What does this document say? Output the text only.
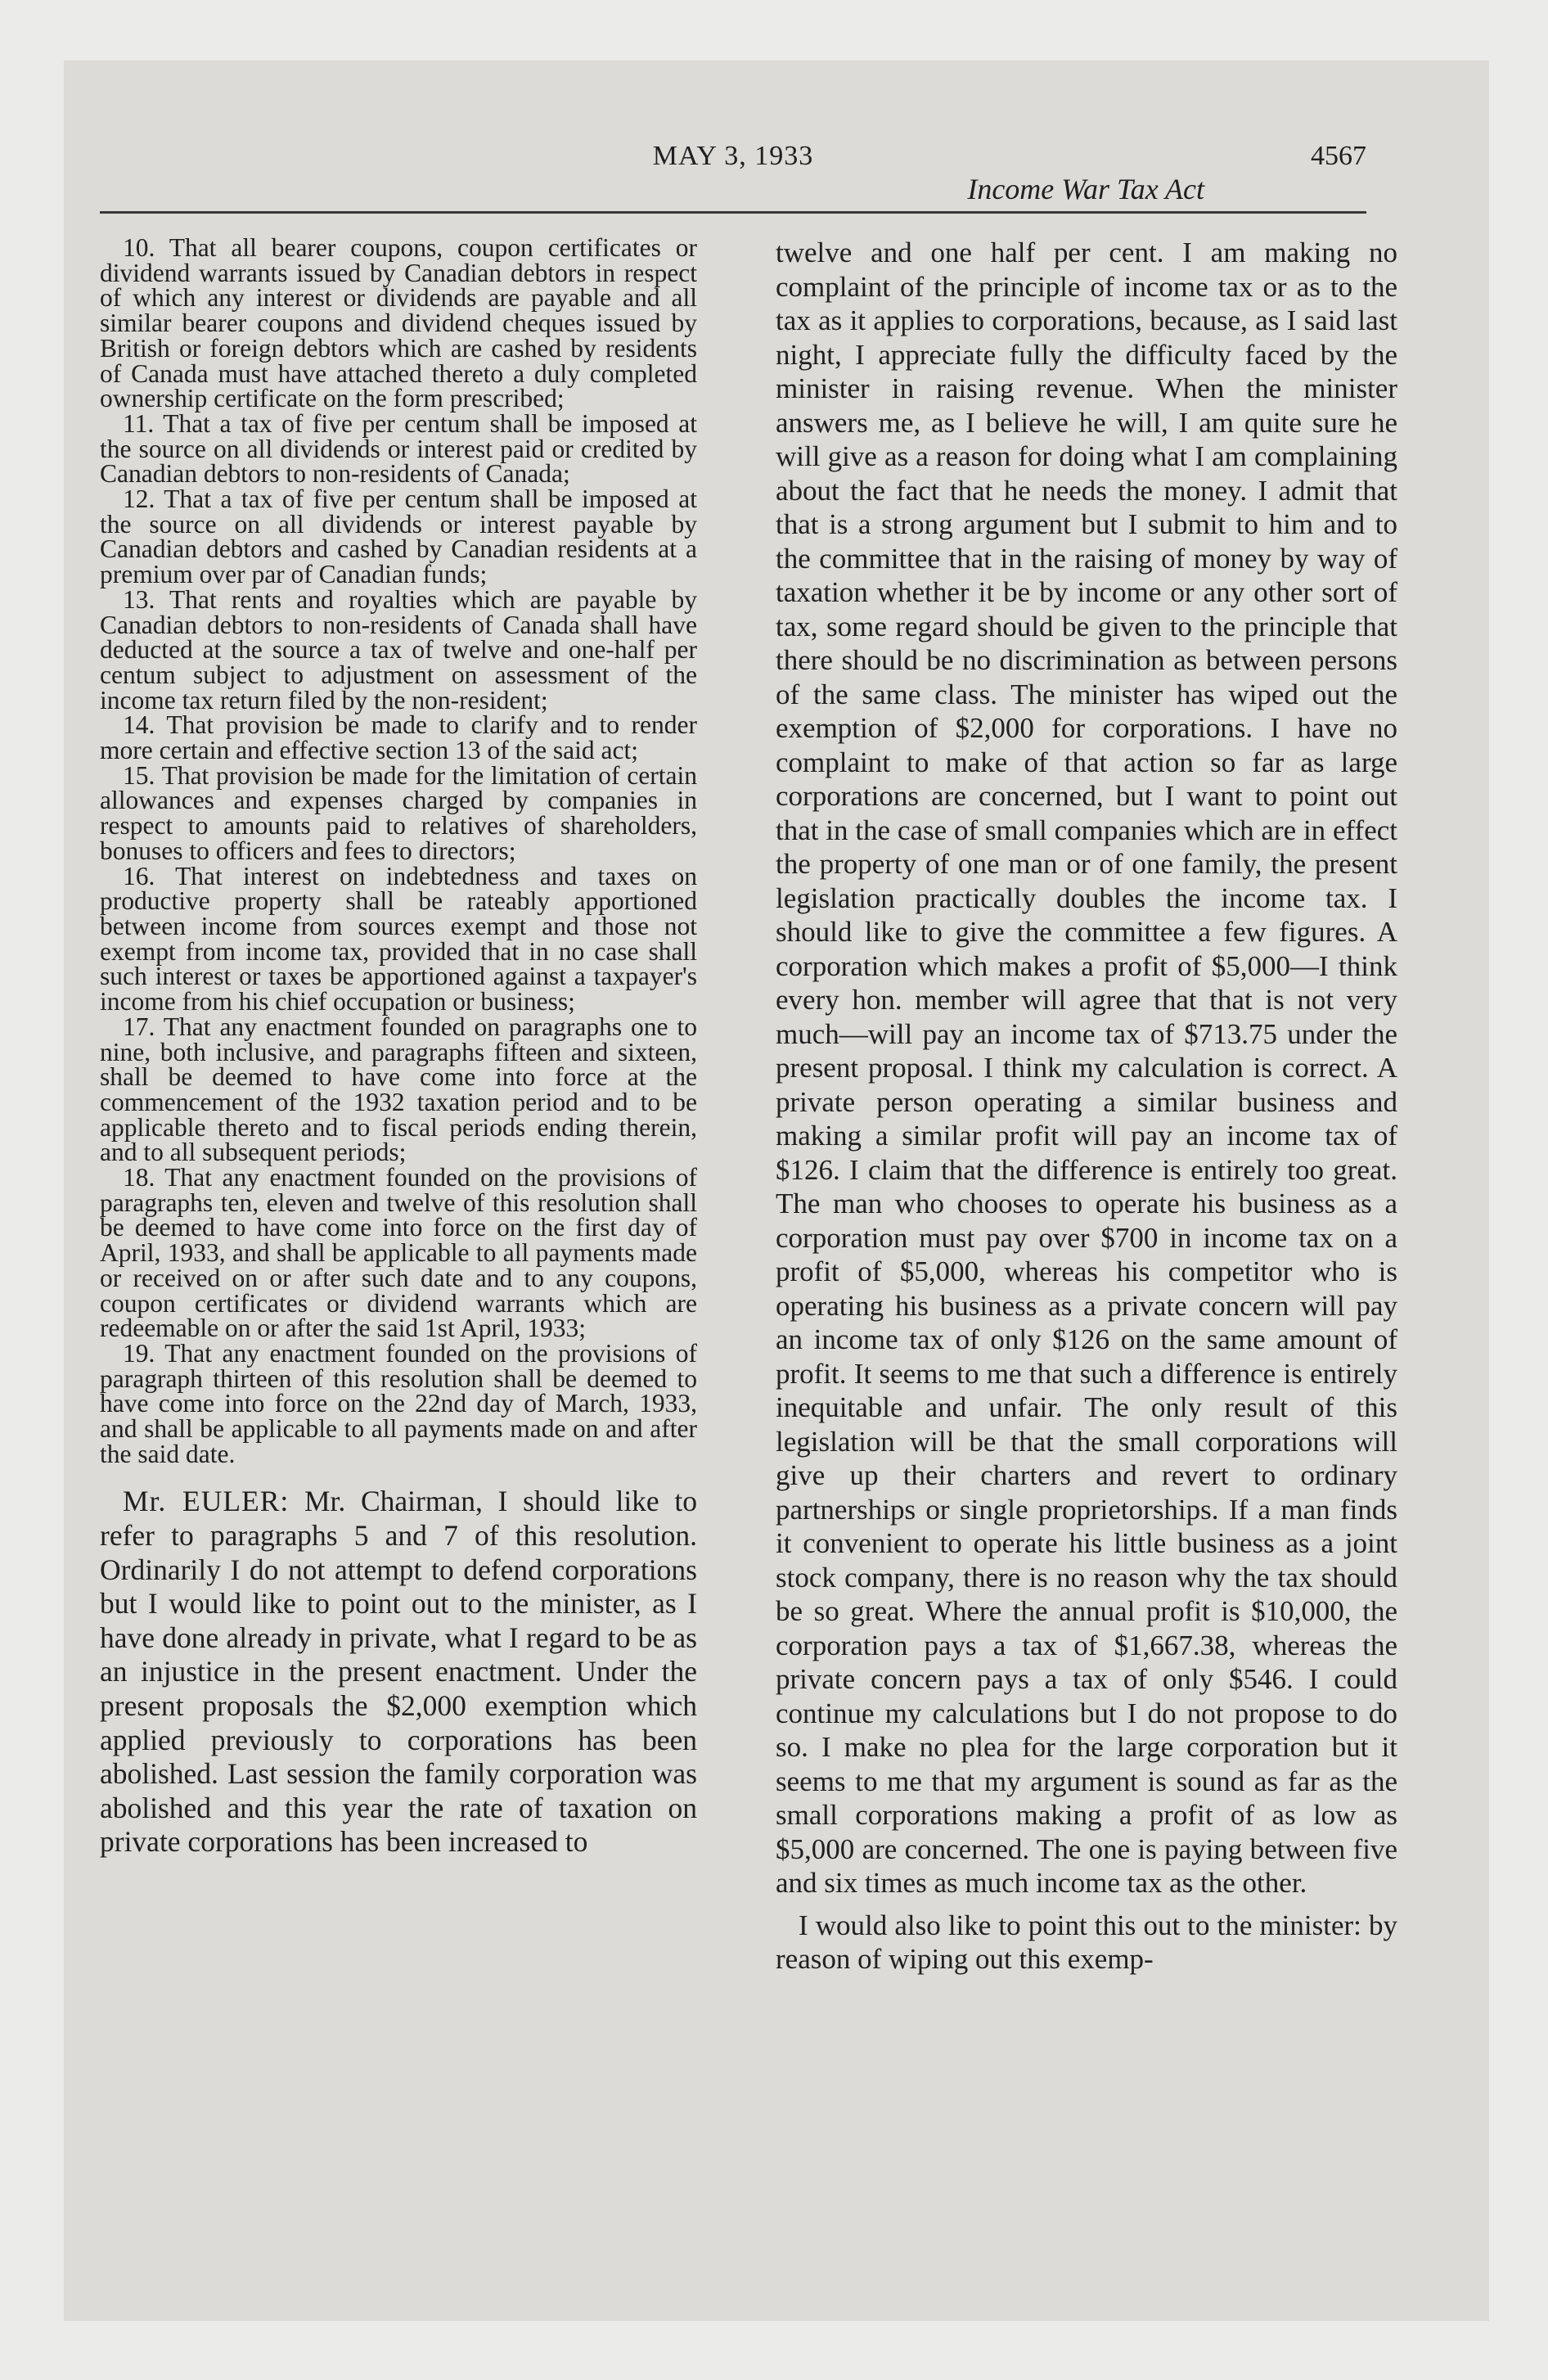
MAY 3, 1933	4567
Income War Tax Act

10. That all bearer coupons, coupon certificates or dividend warrants issued by Canadian debtors in respect of which any interest or dividends are payable and all similar bearer coupons and dividend cheques issued by British or foreign debtors which are cashed by residents of Canada must have attached thereto a duly completed ownership certificate on the form prescribed;

11. That a tax of five per centum shall be imposed at the source on all dividends or interest paid or credited by Canadian debtors to non-residents of Canada;

12. That a tax of five per centum shall be imposed at the source on all dividends or interest payable by Canadian debtors and cashed by Canadian residents at a premium over par of Canadian funds;

13. That rents and royalties which are payable by Canadian debtors to non-residents of Canada shall have deducted at the source a tax of twelve and one-half per centum subject to adjustment on assessment of the income tax return filed by the non-resident;

14. That provision be made to clarify and to render more certain and effective section 13 of the said act;

15. That provision be made for the limitation of certain allowances and expenses charged by companies in respect to amounts paid to relatives of shareholders, bonuses to officers and fees to directors;

16. That interest on indebtedness and taxes on productive property shall be rateably apportioned between income from sources exempt and those not exempt from income tax, provided that in no case shall such interest or taxes be apportioned against a taxpayer's income from his chief occupation or business;

17. That any enactment founded on paragraphs one to nine, both inclusive, and paragraphs fifteen and sixteen, shall be deemed to have come into force at the commencement of the 1932 taxation period and to be applicable thereto and to fiscal periods ending therein, and to all subsequent periods;

18. That any enactment founded on the provisions of paragraphs ten, eleven and twelve of this resolution shall be deemed to have come into force on the first day of April, 1933, and shall be applicable to all payments made or received on or after such date and to any coupons, coupon certificates or dividend warrants which are redeemable on or after the said 1st April, 1933;

19. That any enactment founded on the provisions of paragraph thirteen of this resolution shall be deemed to have come into force on the 22nd day of March, 1933, and shall be applicable to all payments made on and after the said date.

Mr. EULER: Mr. Chairman, I should like to refer to paragraphs 5 and 7 of this resolution. Ordinarily I do not attempt to defend corporations but I would like to point out to the minister, as I have done already in private, what I regard to be as an injustice in the present enactment. Under the present proposals the $2,000 exemption which applied previously to corporations has been abolished. Last session the family corporation was abolished and this year the rate of taxation on private corporations has been increased to

twelve and one half per cent. I am making no complaint of the principle of income tax or as to the tax as it applies to corporations, because, as I said last night, I appreciate fully the difficulty faced by the minister in raising revenue. When the minister answers me, as I believe he will, I am quite sure he will give as a reason for doing what I am complaining about the fact that he needs the money. I admit that that is a strong argument but I submit to him and to the committee that in the raising of money by way of taxation whether it be by income or any other sort of tax, some regard should be given to the principle that there should be no discrimination as between persons of the same class. The minister has wiped out the exemption of $2,000 for corporations. I have no complaint to make of that action so far as large corporations are concerned, but I want to point out that in the case of small companies which are in effect the property of one man or of one family, the present legislation practically doubles the income tax. I should like to give the committee a few figures. A corporation which makes a profit of $5,000—I think every hon. member will agree that that is not very much—will pay an income tax of $713.75 under the present proposal. I think my calculation is correct. A private person operating a similar business and making a similar profit will pay an income tax of $126. I claim that the difference is entirely too great. The man who chooses to operate his business as a corporation must pay over $700 in income tax on a profit of $5,000, whereas his competitor who is operating his business as a private concern will pay an income tax of only $126 on the same amount of profit. It seems to me that such a difference is entirely inequitable and unfair. The only result of this legislation will be that the small corporations will give up their charters and revert to ordinary partnerships or single proprietorships. If a man finds it convenient to operate his little business as a joint stock company, there is no reason why the tax should be so great. Where the annual profit is $10,000, the corporation pays a tax of $1,667.38, whereas the private concern pays a tax of only $546. I could continue my calculations but I do not propose to do so. I make no plea for the large corporation but it seems to me that my argument is sound as far as the small corporations making a profit of as low as $5,000 are concerned. The one is paying between five and six times as much income tax as the other.

I would also like to point this out to the minister: by reason of wiping out this exemp-
